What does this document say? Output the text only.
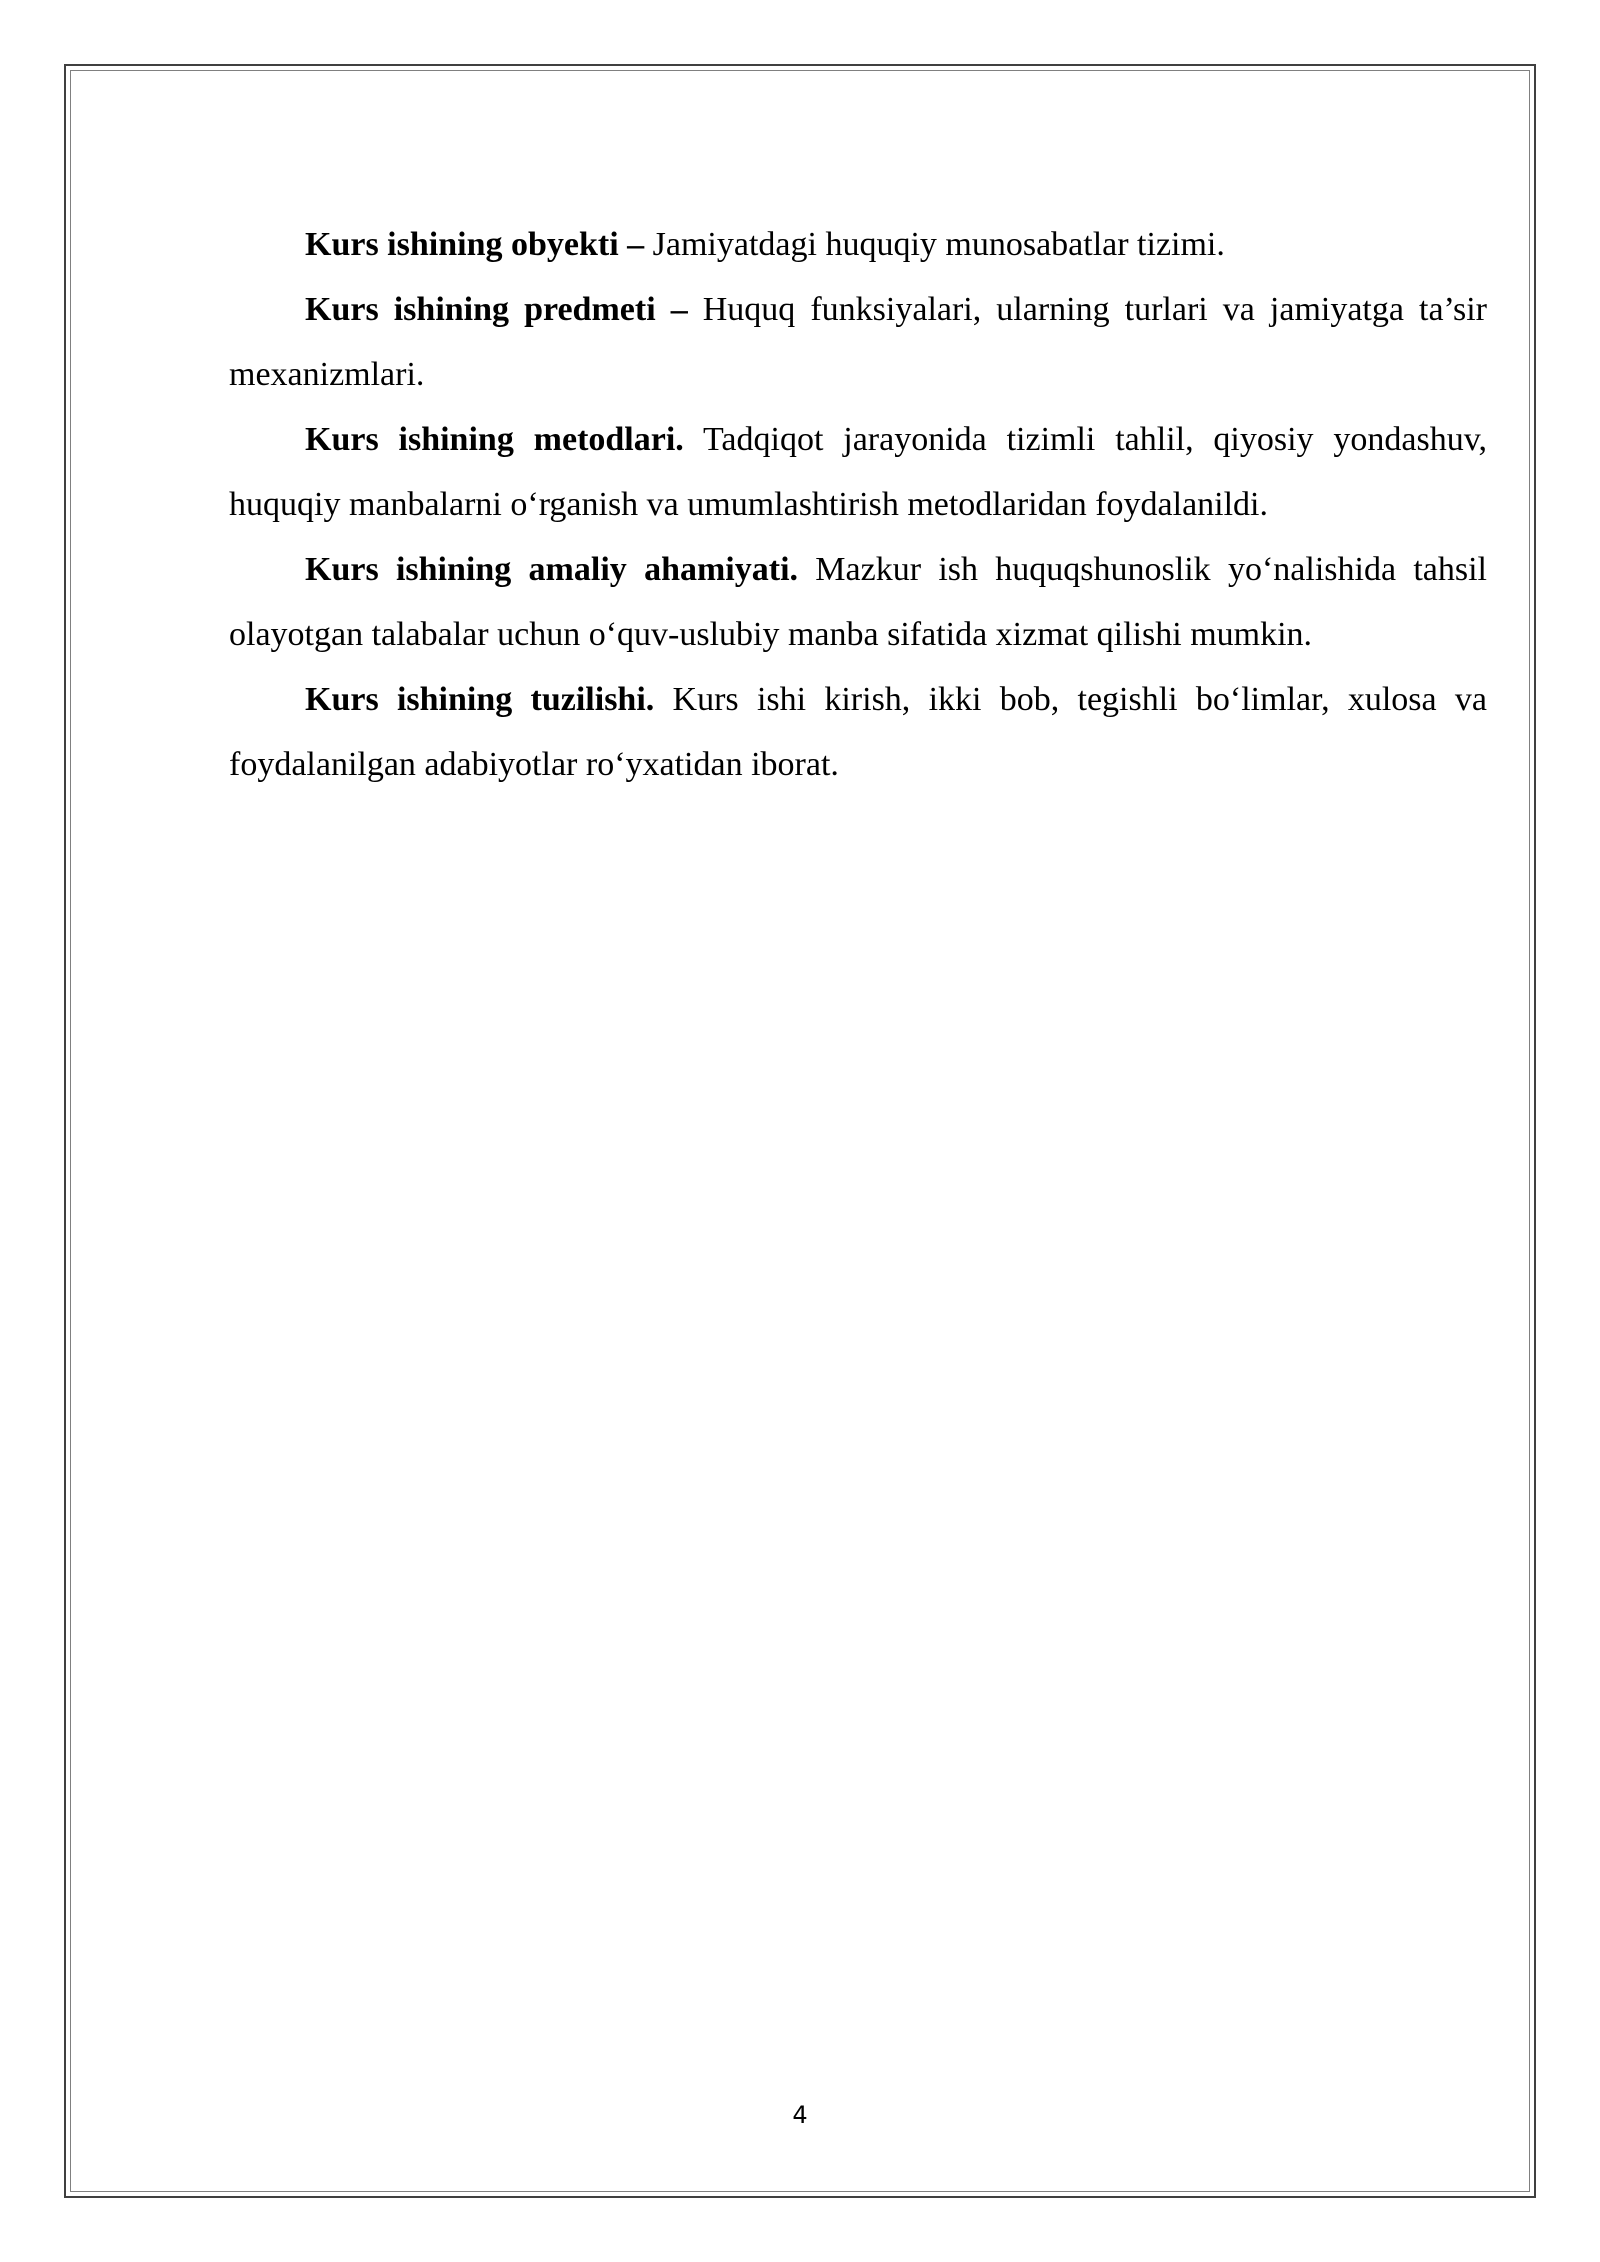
Kurs ishining obyekti – Jamiyatdagi huquqiy munosabatlar tizimi.

Kurs ishining predmeti – Huquq funksiyalari, ularning turlari va jamiyatga ta’sir mexanizmlari.

Kurs ishining metodlari. Tadqiqot jarayonida tizimli tahlil, qiyosiy yondashuv, huquqiy manbalarni o‘rganish va umumlashtirish metodlaridan foydalanildi.

Kurs ishining amaliy ahamiyati. Mazkur ish huquqshunoslik yo‘nalishida tahsil olayotgan talabalar uchun o‘quv-uslubiy manba sifatida xizmat qilishi mumkin.

Kurs ishining tuzilishi. Kurs ishi kirish, ikki bob, tegishli bo‘limlar, xulosa va foydalanilgan adabiyotlar ro‘yxatidan iborat.

4
